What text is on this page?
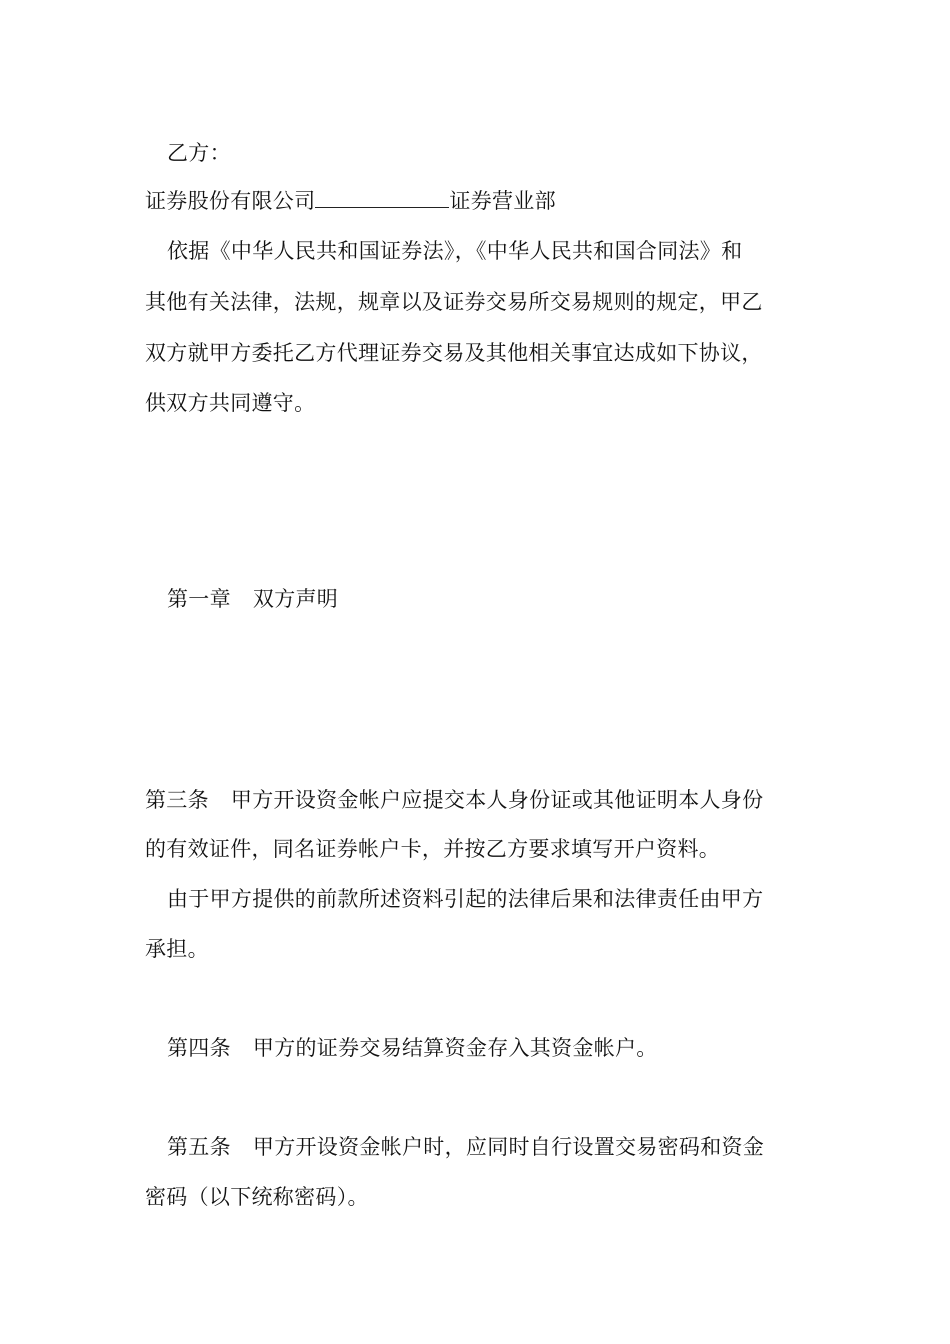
乙方：
证券股份有限公司	证券营业部
依据《中华人民共和国证券法》，《中华人民共和国合同法》和
其他有关法律，法规，规章以及证券交易所交易规则的规定，甲乙
双方就甲方委托乙方代理证券交易及其他相关事宜达成如下协议，
供双方共同遵守。
第一章 双方声明
第三条 甲方开设资金帐户应提交本人身份证或其他证明本人身份
的有效证件，同名证券帐户卡，并按乙方要求填写开户资料。
由于甲方提供的前款所述资料引起的法律后果和法律责任由甲方
承担。
第四条 甲方的证券交易结算资金存入其资金帐户。
第五条 甲方开设资金帐户时，应同时自行设置交易密码和资金
密码（以下统称密码）。
